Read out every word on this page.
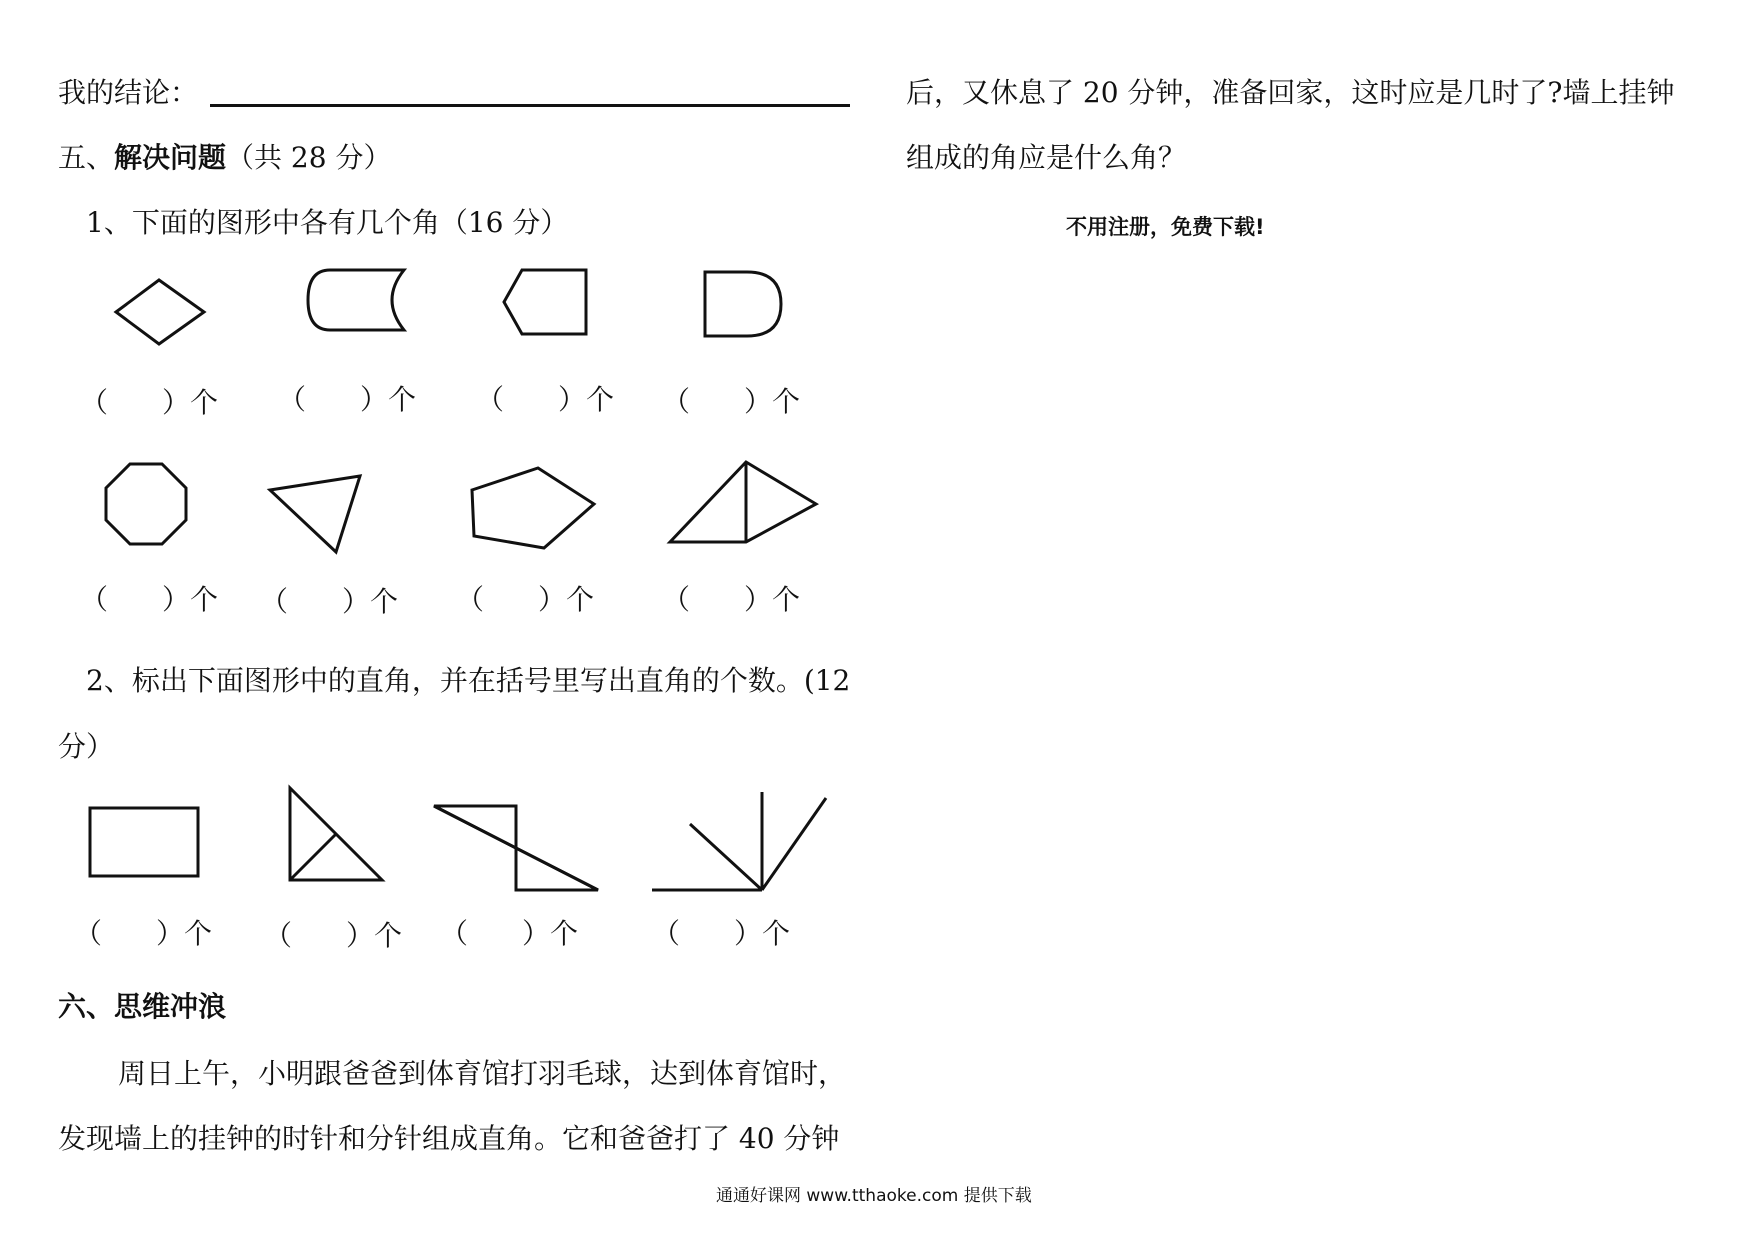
我的结论：
五、解决问题（共 28 分）
1、下面的图形中各有几个角（16 分）
（ ）个 （ ）个 （ ）个 （ ）个
（ ）个 （ ）个 （ ）个 （ ）个
2、标出下面图形中的直角，并在括号里写出直角的个数。(12
分）
（ ）个 （ ）个 （ ）个	（ ）个
六、思维冲浪
周日上午，小明跟爸爸到体育馆打羽毛球，达到体育馆时，
发现墙上的挂钟的时针和分针组成直角。它和爸爸打了 40 分钟
后，又休息了 20 分钟，准备回家，这时应是几时了?墙上挂钟
组成的角应是什么角？
不用注册，免费下载!
通通好课网 www.tthaoke.com 提供下载
